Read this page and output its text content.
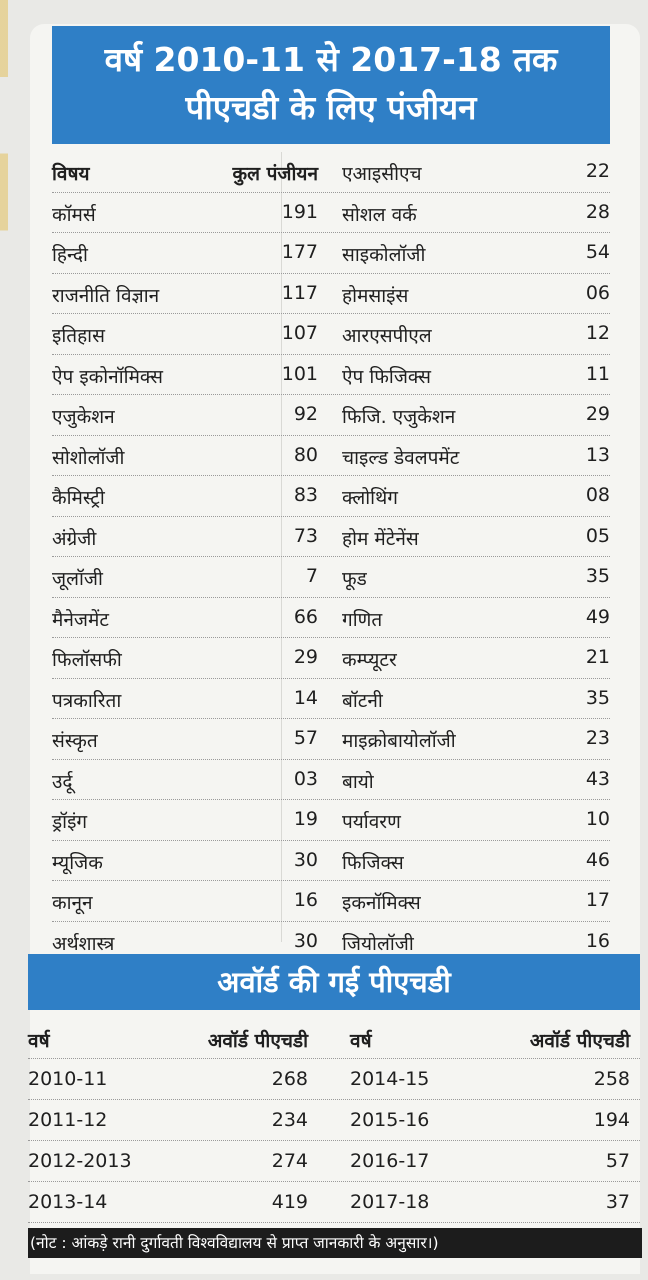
वर्ष 2010-11 से 2017-18 तक
पीएचडी के लिए पंजीयन
विषय	कुल पंजीयन एआइसीएच	22
कॉमर्स	191 सोशल वर्क	28
हिन्दी	177 साइकोलॉजी	54
राजनीति विज्ञान	117 होमसाइंस	06
इतिहास	107 आरएसपीएल	12
ऐप इकोनॉमिक्स	101 ऐप फिजिक्स	11
एजुकेशन	92 फिजि. एजुकेशन	29
सोशोलॉजी	80 चाइल्ड डेवलपमेंट	13
कैमिस्ट्री	83 क्लोथिंग	08
अंग्रेजी	73 होम मेंटेनेंस	05
जूलॉजी	7 फूड	35
मैनेजमेंट	66 गणित	49
फिलॉसफी	29 कम्प्यूटर	21
पत्रकारिता	14 बॉटनी	35
संस्कृत	57 माइक्रोबायोलॉजी	23
उर्दू	03 बायो	43
ड्रॉइंग	19 पर्यावरण	10
म्यूजिक	30 फिजिक्स	46
कानून	16 इकनॉमिक्स	17
अर्थशास्त्र	30 जियोलॉजी	16
अवॉर्ड की गई पीएचडी
वर्ष	अवॉर्ड पीएचडी वर्ष	अवॉर्ड पीएचडी
2010-11	268 2014-15	258
2011-12	234 2015-16	194
2012-2013	274 2016-17	57
2013-14	419 2017-18	37
(नोट : आंकड़े रानी दुर्गावती विश्वविद्यालय से प्राप्त जानकारी के अनुसार।)
